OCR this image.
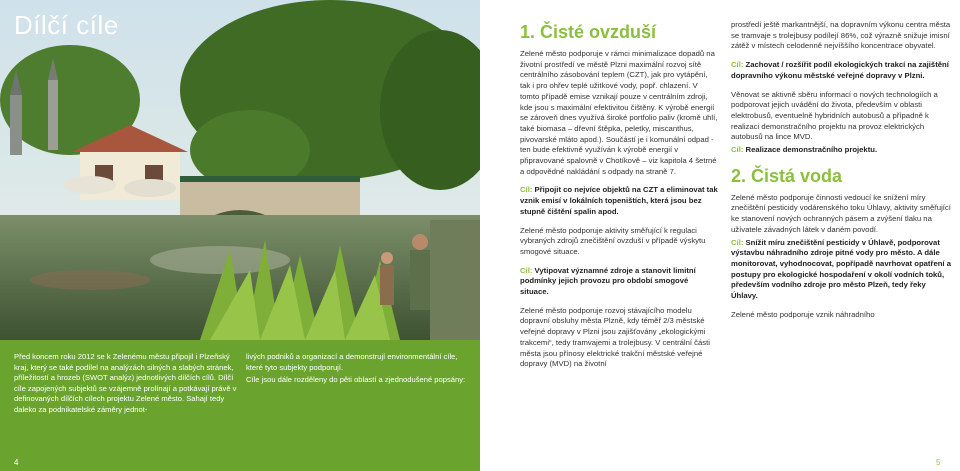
Dílčí cíle
Před koncem roku 2012 se k Zelenému městu připojil i Plzeňský kraj, který se také podílel na analýzách silných a slabých stránek, příležitostí a hrozeb (SWOT analýz) jednotlivých dílčích cílů. Dílčí cíle zapojených subjektů se vzájemně prolínají a potkávají právě v definovaných dílčích cílech projektu Zelené město. Sahají tedy daleko za podnikatelské záměry jednot-

livých podniků a organizací a demonstrují environmentální cíle, které tyto subjekty podporují.

Cíle jsou dále rozděleny do pěti oblastí a zjednodušené popsány:

4
1. Čisté ovzduší

Zelené město podporuje v rámci minimalizace dopadů na životní prostředí ve městě Plzni maximální rozvoj sítě centrálního zásobování teplem (CZT), jak pro vytápění, tak i pro ohřev teplé užitkové vody, popř. chlazení. V tomto případě emise vznikají pouze v centrálním zdroji, kde jsou s maximální efektivitou čištěny. K výrobě energií se zároveň dnes využívá široké portfolio paliv (kromě uhlí, také biomasa – dřevní štěpka, peletky, miscanthus, pivovarské mláto apod.). Součástí je i komunální odpad - ten bude efektivně využíván k výrobě energií v připravované spalovně v Chotíkově – viz kapitola 4 šetrné a odpovědné nakládání s odpady na straně 7.

Cíl: Připojit co nejvíce objektů na CZT a eliminovat tak vznik emisí v lokálních topeništích, která jsou bez stupně čištění spalin apod.

Zelené město podporuje aktivity směřující k regulaci vybraných zdrojů znečištění ovzduší v případě výskytu smogové situace.

Cíl: Vytipovat významné zdroje a stanovit limitní podmínky jejich provozu pro období smogové situace.

Zelené město podporuje rozvoj stávajícího modelu dopravní obsluhy města Plzně, kdy téměř 2/3 městské veřejné dopravy v Plzni jsou zajišťovány „ekologickými trakcemi“, tedy tramvajemi a trolejbusy. V centrální části města jsou přínosy elektrické trakční městské veřejné dopravy (MVD) na životní

prostředí ještě markantnější, na dopravním výkonu centra města se tramvaje s trolejbusy podílejí 86%, což výrazně snižuje imisní zátěž v místech celodenně nejvíššího koncentrace obyvatel.

Cíl: Zachovat / rozšířit podíl ekologických trakcí na zajištění dopravního výkonu městské veřejné dopravy v Plzni.

Věnovat se aktivně sběru informací o nových technologiích a podporovat jejich uvádění do života, především v oblasti elektrobusů, eventuelně hybridních autobusů a případně k realizaci demonstračního projektu na provoz elektrických autobusů na lince MVD.

Cíl: Realizace demonstračního projektu.

2. Čistá voda

Zelené město podporuje činnosti vedoucí ke snížení míry znečištění pesticidy vodárenského toku Úhlavy, aktivity směřující ke stanovení nových ochranných pásem a zvýšení tlaku na užívatele závadných látek v daném povodí.

Cíl: Snížit míru znečištění pesticidy v Úhlavě, podporovat výstavbu náhradního zdroje pitné vody pro město. A dále monitorovat, vyhodnocovat, popřípadě navrhovat opatření a postupy pro ekologické hospodaření v okolí vodních toků, především vodního zdroje pro město Plzeň, tedy řeky Úhlavy.

Zelené město podporuje vznik náhradního

5
